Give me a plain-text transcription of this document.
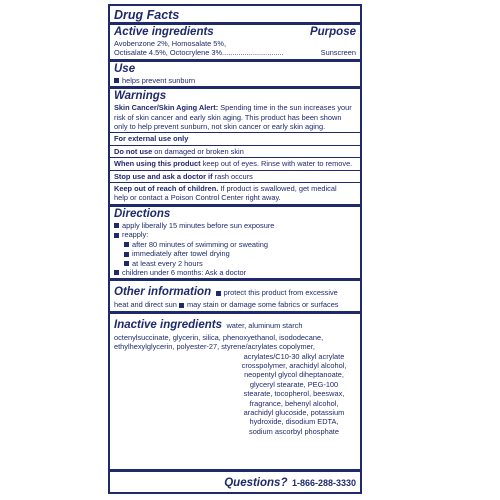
Drug Facts
Active ingredients	Purpose
Avobenzone 2%, Homosalate 5%,
Octisalate 4.5%, Octocrylene 3%..............................	Sunscreen
Use
helps prevent sunburn
Warnings
Skin Cancer/Skin Aging Alert: Spending time in the sun increases your
risk of skin cancer and early skin aging. This product has been shown
only to help prevent sunburn, not skin cancer or early skin aging.
For external use only
Do not use on damaged or broken skin
When using this product keep out of eyes. Rinse with water to remove.
Stop use and ask a doctor if rash occurs
Keep out of reach of children. If product is swallowed, get medical
help or contact a Poison Control Center right away.
Directions
apply liberally 15 minutes before sun exposure
reapply:
after 80 minutes of swimming or sweating
immediately after towel drying
at least every 2 hours
children under 6 months: Ask a doctor
Other information protect this product from excessive
heat and direct sun may stain or damage some fabrics or surfaces
Inactive ingredients water, aluminum starch
octenylsuccinate, glycerin, silica, phenoxyethanol, isododecane,
ethylhexylglycerin, polyester-27, styrene/acrylates copolymer,
acrylates/C10-30 alkyl acrylate
crosspolymer, arachidyl alcohol,
neopentyl glycol diheptanoate,
glyceryl stearate, PEG-100
stearate, tocopherol, beeswax,
fragrance, behenyl alcohol,
arachidyl glucoside, potassium
hydroxide, disodium EDTA,
sodium ascorbyl phosphate
Questions? 1-866-288-3330
